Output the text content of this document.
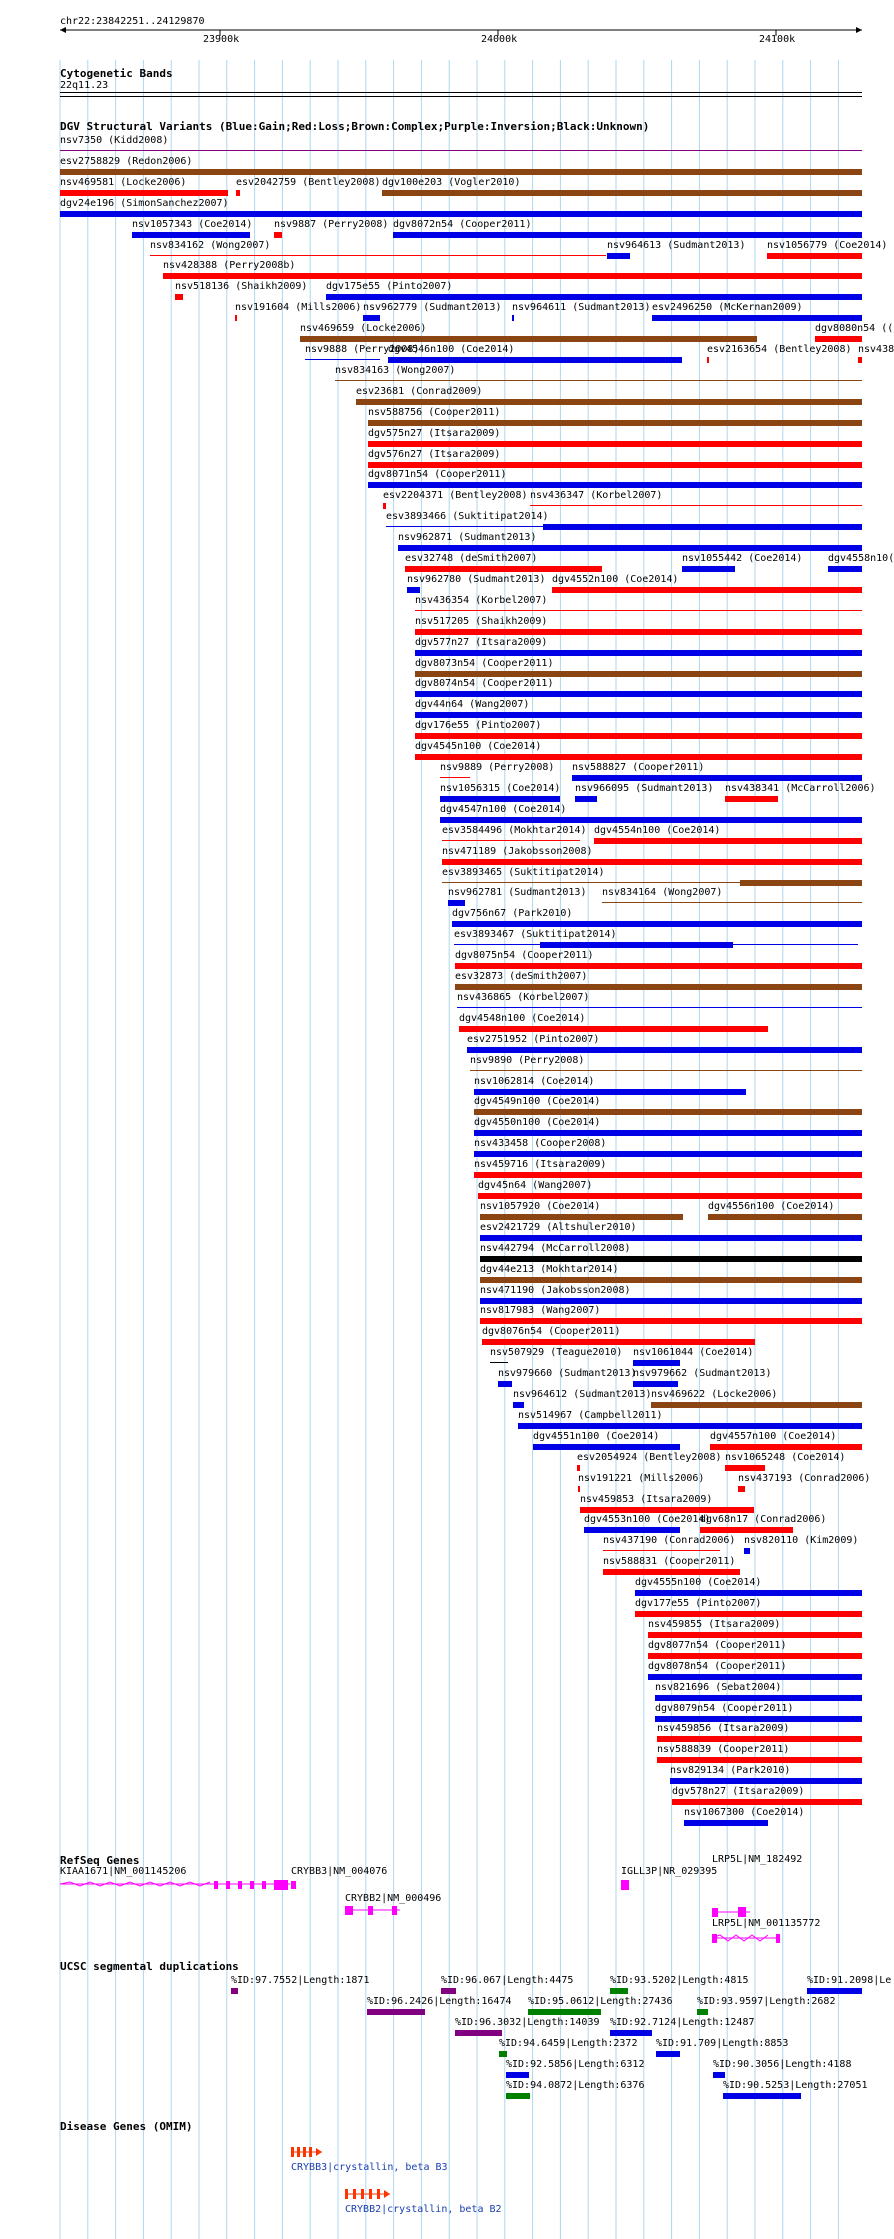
chr22:23842251..24129870
23900k	24000k	24100k
Cytogenetic Bands
22q11.23
DGV Structural Variants (Blue:Gain;Red:Loss;Brown:Complex;Purple:Inversion;Black:Unknown)
nsv7350 (Kidd2008)
esv2758829 (Redon2006)
nsv469581 (Locke2006)	esv2042759 (Bentley2008) dgv100e203 (Vogler2010)
dgv24e196 (SimonSanchez2007)
nsv1057343 (Coe2014) nsv9887 (Perry2008) dgv8072n54 (Cooper2011)
nsv834162 (Wong2007)	nsv964613 (Sudmant2013) nsv1056779 (Coe2014)
nsv428388 (Perry2008b)
nsv518136 (Shaikh2009) dgv175e55 (Pinto2007)
nsv191604 (Mills2006) nsv962779 (Sudmant2013) nsv964611 (Sudmant2013) esv2496250 (McKernan2009)
nsv469659 (Locke2006)	dgv8080n54 ((
nsv9888 (Perry2008)
dgv4546n100 (Coe2014)	esv2163654 (Bentley2008) nsv438
nsv834163 (Wong2007)
esv23681 (Conrad2009)
nsv588756 (Cooper2011)
dgv575n27 (Itsara2009)
dgv576n27 (Itsara2009)
dgv8071n54 (Cooper2011)
esv2204371 (Bentley2008) nsv436347 (Korbel2007)
esv3893466 (Suktitipat2014)
nsv962871 (Sudmant2013)
esv32748 (deSmith2007)	nsv1055442 (Coe2014)	dgv4558n10(
nsv962780 (Sudmant2013) dgv4552n100 (Coe2014)
nsv436354 (Korbel2007)
nsv517205 (Shaikh2009)
dgv577n27 (Itsara2009)
dgv8073n54 (Cooper2011)
dgv8074n54 (Cooper2011)
dgv44n64 (Wang2007)
dgv176e55 (Pinto2007)
dgv4545n100 (Coe2014)
nsv9889 (Perry2008) nsv588827 (Cooper2011)
nsv1056315 (Coe2014) nsv966095 (Sudmant2013) nsv438341 (McCarroll2006)
dgv4547n100 (Coe2014)
esv3584496 (Mokhtar2014) dgv4554n100 (Coe2014)
nsv471189 (Jakobsson2008)
esv3893465 (Suktitipat2014)
nsv962781 (Sudmant2013) nsv834164 (Wong2007)
dgv756n67 (Park2010)
esv3893467 (Suktitipat2014)
dgv8075n54 (Cooper2011)
esv32873 (deSmith2007)
nsv436865 (Korbel2007)
dgv4548n100 (Coe2014)
esv2751952 (Pinto2007)
nsv9890 (Perry2008)
nsv1062814 (Coe2014)
dgv4549n100 (Coe2014)
dgv4550n100 (Coe2014)
nsv433458 (Cooper2008)
nsv459716 (Itsara2009)
dgv45n64 (Wang2007)
nsv1057920 (Coe2014)	dgv4556n100 (Coe2014)
esv2421729 (Altshuler2010)
nsv442794 (McCarroll2008)
dgv44e213 (Mokhtar2014)
nsv471190 (Jakobsson2008)
nsv817983 (Wang2007)
dgv8076n54 (Cooper2011)
nsv507929 (Teague2010) nsv1061044 (Coe2014)
nsv979660 (Sudmant2013)
nsv979662 (Sudmant2013)
nsv964612 (Sudmant2013) nsv469622 (Locke2006)
nsv514967 (Campbell2011)
dgv4551n100 (Coe2014)	dgv4557n100 (Coe2014)
esv2054924 (Bentley2008) nsv1065248 (Coe2014)
nsv191221 (Mills2006)	nsv437193 (Conrad2006)
nsv459853 (Itsara2009)
dgv4553n100 (Coe2014)
dgv68n17 (Conrad2006)
nsv437190 (Conrad2006) nsv820110 (Kim2009)
nsv588831 (Cooper2011)
dgv4555n100 (Coe2014)
dgv177e55 (Pinto2007)
nsv459855 (Itsara2009)
dgv8077n54 (Cooper2011)
dgv8078n54 (Cooper2011)
nsv821696 (Sebat2004)
dgv8079n54 (Cooper2011)
nsv459856 (Itsara2009)
nsv588839 (Cooper2011)
nsv829134 (Park2010)
dgv578n27 (Itsara2009)
nsv1067300 (Coe2014)
RefSeq Genes
KIAA1671|NM_001145206	CRYBB3|NM_004076
CRYBB2|NM_000496
IGLL3P|NR_029395
LRP5L|NM_182492
LRP5L|NM_001135772
UCSC segmental duplications
%ID:97.7552|Length:1871	%ID:96.067|Length:4475	%ID:93.5202|Length:4815	%ID:91.2098|Le
%ID:96.2426|Length:16474 %ID:95.0612|Length:27436 %ID:93.9597|Length:2682
%ID:96.3032|Length:14039 %ID:92.7124|Length:12487
%ID:94.6459|Length:2372 %ID:91.709|Length:8853
%ID:92.5856|Length:6312	%ID:90.3056|Length:4188
%ID:94.0872|Length:6376	%ID:90.5253|Length:27051
Disease Genes (OMIM)
CRYBB3|crystallin, beta B3
CRYBB2|crystallin, beta B2
